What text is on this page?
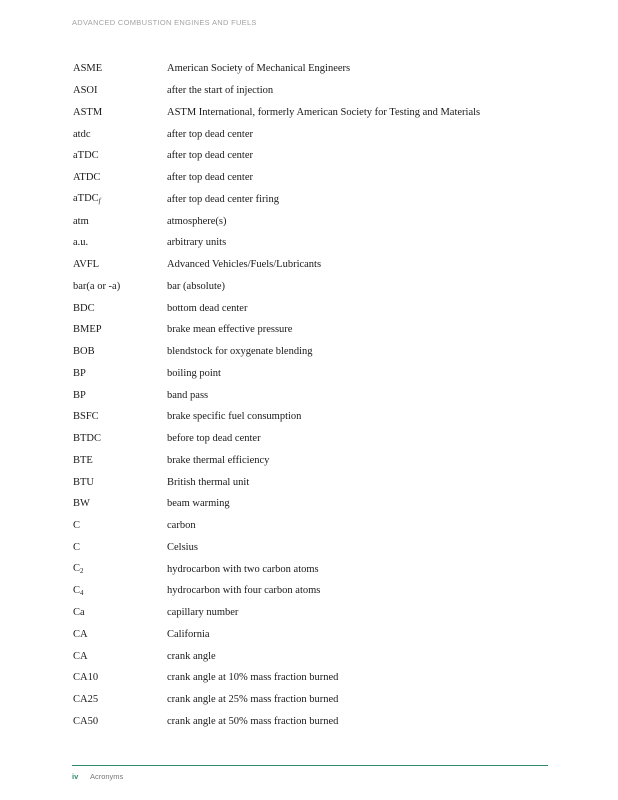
ADVANCED COMBUSTION ENGINES AND FUELS
ASME	American Society of Mechanical Engineers
ASOI	after the start of injection
ASTM	ASTM International, formerly American Society for Testing and Materials
atdc	after top dead center
aTDC	after top dead center
ATDC	after top dead center
aTDC$_f$	after top dead center firing
atm	atmosphere(s)
a.u.	arbitrary units
AVFL	Advanced Vehicles/Fuels/Lubricants
bar(a or -a)	bar (absolute)
BDC	bottom dead center
BMEP	brake mean effective pressure
BOB	blendstock for oxygenate blending
BP	boiling point
BP	band pass
BSFC	brake specific fuel consumption
BTDC	before top dead center
BTE	brake thermal efficiency
BTU	British thermal unit
BW	beam warming
C	carbon
C	Celsius
$C_2$	hydrocarbon with two carbon atoms
$C_4$	hydrocarbon with four carbon atoms
Ca	capillary number
CA	California
CA	crank angle
CA10	crank angle at 10% mass fraction burned
CA25	crank angle at 25% mass fraction burned
CA50	crank angle at 50% mass fraction burned
iv Acronyms
